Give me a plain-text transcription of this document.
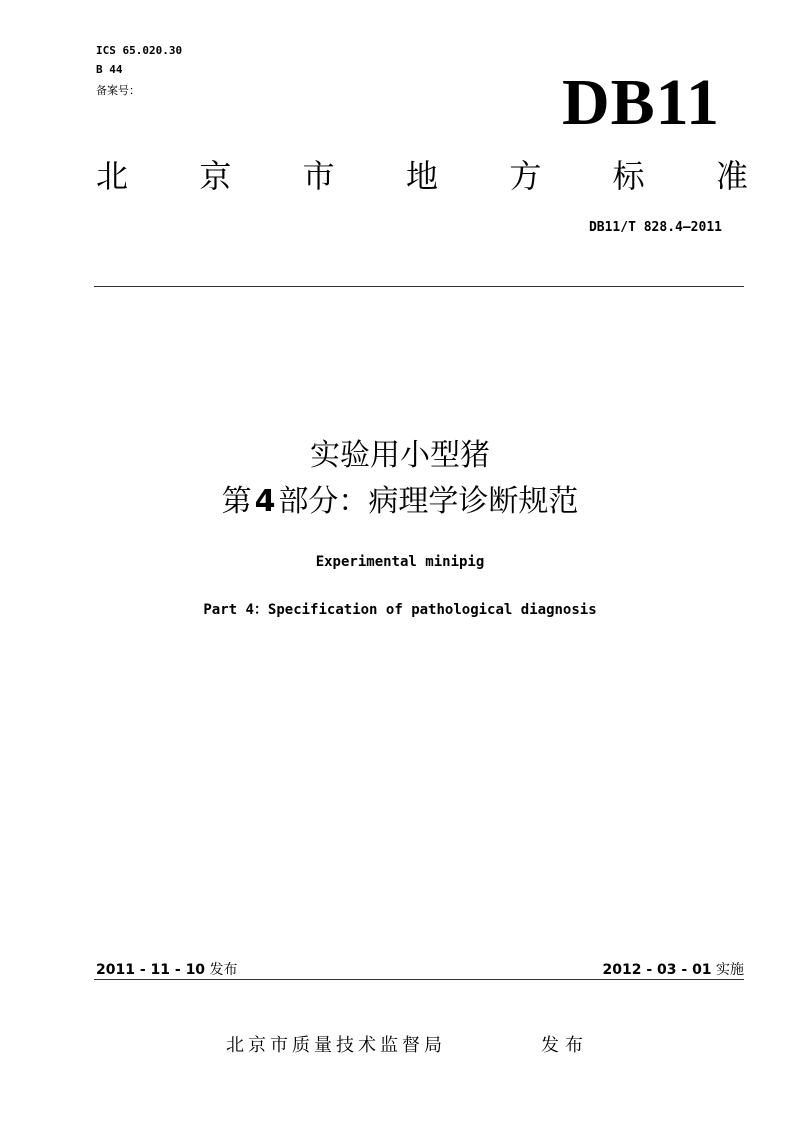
ICS 65.020.30
B 44
备案号：	DB11
北 京 市 地 方 标 准
DB11/T 828.4—2011
实验用小型猪
第  4  部分：病理学诊断规范
Experimental minipig
Part 4：Specification of pathological diagnosis
2011 - 11 - 10 发布	2012 - 03 - 01 实施
北京市质量技术监督局	发布
